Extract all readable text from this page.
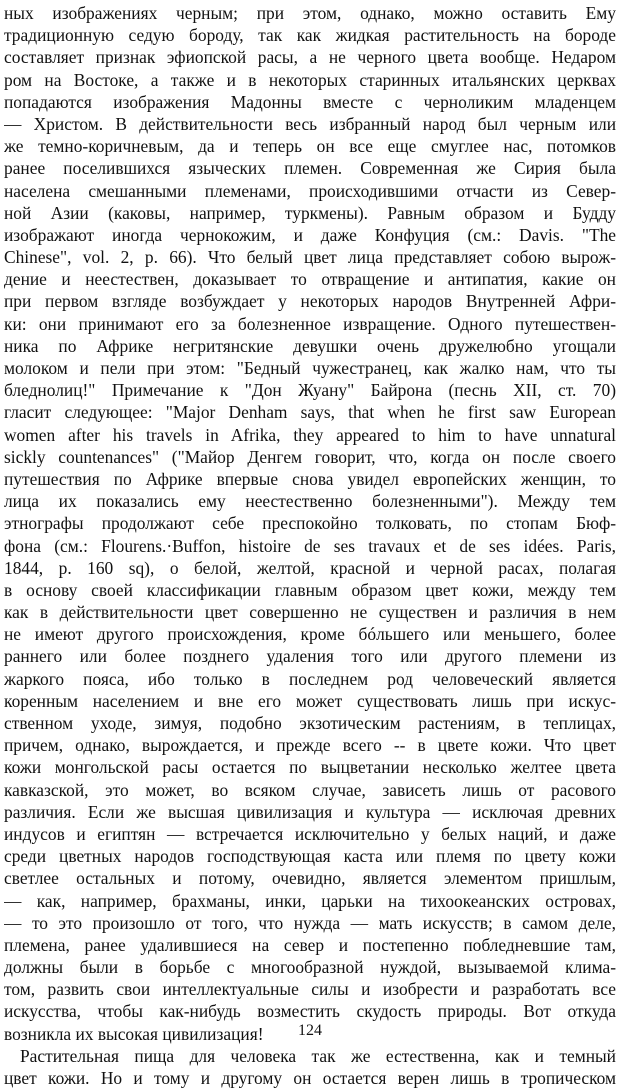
ных изображениях черным; при этом, однако, можно оставить Ему
традиционную седую бороду, так как жидкая растительность на бороде
составляет признак эфиопской расы, а не черного цвета вообще. Недаром
ром на Востоке, а также и в некоторых старинных итальянских церквах
попадаются изображения Мадонны вместе с черноликим младенцем
— Христом. В действительности весь избранный народ был черным или
же темно-коричневым, да и теперь он все еще смуглее нас, потомков
ранее поселившихся языческих племен. Современная же Сирия была
населена смешанными племенами, происходившими отчасти из Север-
ной Азии (каковы, например, туркмены). Равным образом и Будду
изображают иногда чернокожим, и даже Конфуция (см.: Davis. "The
Chinese", vol. 2, p. 66). Что белый цвет лица представляет собою вырож-
дение и неестествен, доказывает то отвращение и антипатия, какие он
при первом взгляде возбуждает у некоторых народов Внутренней Афри-
ки: они принимают его за болезненное извращение. Одного путешествен-
ника по Африке негритянские девушки очень дружелюбно угощали
молоком и пели при этом: "Бедный чужестранец, как жалко нам, что ты
бледнолиц!" Примечание к "Дон Жуану" Байрона (песнь XII, ст. 70)
гласит следующее: "Major Denham says, that when he first saw European
women after his travels in Afrika, they appeared to him to have unnatural
sickly countenances" ("Майор Денгем говорит, что, когда он после своего
путешествия по Африке впервые снова увидел европейских женщин, то
лица их показались ему неестественно болезненными"). Между тем
этнографы продолжают себе преспокойно толковать, по стопам Бюф-
фона (см.: Flourens.·Buffon, histoire de ses travaux et de ses idées. Paris,
1844, p. 160 sq), о белой, желтой, красной и черной расах, полагая
в основу своей классификации главным образом цвет кожи, между тем
как в действительности цвет совершенно не существен и различия в нем
не имеют другого происхождения, кроме бóльшего или меньшего, более
раннего или более позднего удаления того или другого племени из
жаркого пояса, ибо только в последнем род человеческий является
коренным населением и вне его может существовать лишь при искус-
ственном уходе, зимуя, подобно экзотическим растениям, в теплицах,
причем, однако, вырождается, и прежде всего -- в цвете кожи. Что цвет
кожи монгольской расы остается по выцветании несколько желтее цвета
кавказской, это может, во всяком случае, зависеть лишь от расового
различия. Если же высшая цивилизация и культура — исключая древних
индусов и египтян — встречается исключительно у белых наций, и даже
среди цветных народов господствующая каста или племя по цвету кожи
светлее остальных и потому, очевидно, является элементом пришлым,
— как, например, брахманы, инки, царьки на тихоокеанских островах,
— то это произошло от того, что нужда — мать искусств; в самом деле,
племена, ранее удалившиеся на север и постепенно побледневшие там,
должны были в борьбе с многообразной нуждой, вызываемой клима-
том, развить свои интеллектуальные силы и изобрести и разработать все
искусства, чтобы как-нибудь возместить скудость природы. Вот откуда
возникла их высокая цивилизация!
Растительная пища для человека так же естественна, как и темный
цвет кожи. Но и тому и другому он остается верен лишь в тропическом
124
